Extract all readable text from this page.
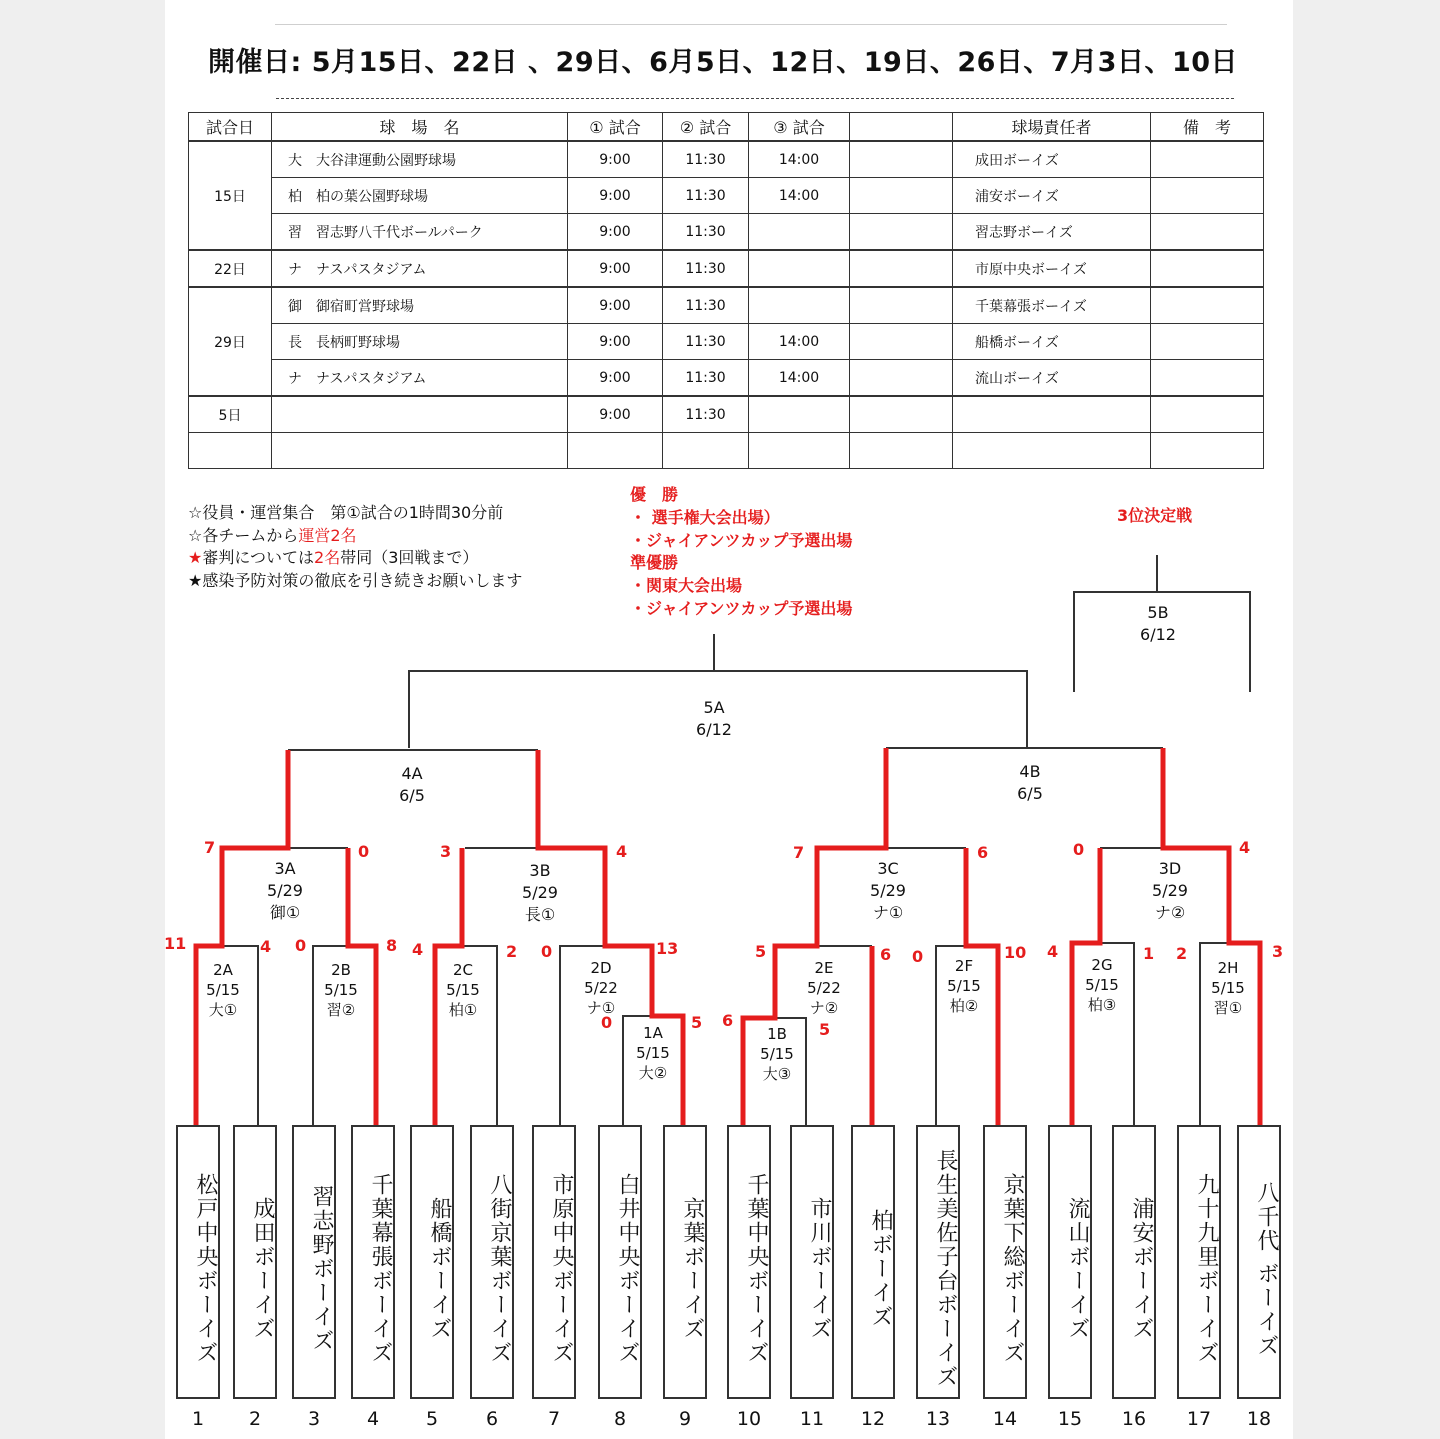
開催日: 5月15日、22日 、29日、6月5日、12日、19日、26日、7月3日、10日
試合日	球　場　名	① 試合	② 試合	③ 試合		球場責任者	備　考
15日	大　 大谷津運動公園野球場	9:00	11:30	14:00		成田ボーイズ	
	柏　 柏の葉公園野球場	9:00	11:30	14:00		浦安ボーイズ	
	習　 習志野八千代ボールパーク	9:00	11:30			習志野ボーイズ	
22日	ナ　 ナスパスタジアム	9:00	11:30			市原中央ボーイズ	
29日	御　 御宿町営野球場	9:00	11:30			千葉幕張ボーイズ	
	長　 長柄町野球場	9:00	11:30	14:00		船橋ボーイズ	
	ナ　 ナスパスタジアム	9:00	11:30	14:00		流山ボーイズ	
5日	　	9:00	11:30				

☆役員・運営集合　第①試合の1時間30分前
☆各チームから運営2名
★審判については2名帯同（3回戦まで）
★感染予防対策の徹底を引き続きお願いします
優　勝
・ 選手権大会出場）
・ジャイアンツカップ予選出場
準優勝
・関東大会出場
・ジャイアンツカップ予選出場
3位決定戦
5B
6/12
5A
6/12
4A
6/5
4B
6/5
3A
5/29
御①
3B
5/29
長①
3C
5/29
ナ①
3D
5/29
ナ②
2A
5/15
大①
2B
5/15
習②
2C
5/15
柏①
2D
5/22
ナ①
1A
5/15
大②
1B
5/15
大③
2E
5/22
ナ②
2F
5/15
柏②
2G
5/15
柏③
2H
5/15
習①
7	0	3	4	7	6	0	4
11	4 0	8 4	2 0	13
0	5 6	5
5	6 0	10 4	1 2	3
松戸中央ボーイズ
1
成田ボーイズ
2
習志野ボーイズ
3
千葉幕張ボーイズ
4
船橋ボーイズ
5
八街京葉ボーイズ
6
市原中央ボーイズ
7
白井中央ボーイズ
8
京葉ボーイズ
9
千葉中央ボーイズ
10
市川ボーイズ
11
柏ボーイズ
12
長生美佐子台ボーイズ
13
京葉下総ボーイズ
14
流山ボーイズ
15
浦安ボーイズ
16
九十九里ボーイズ
17
八千代 ボーイズ
18
